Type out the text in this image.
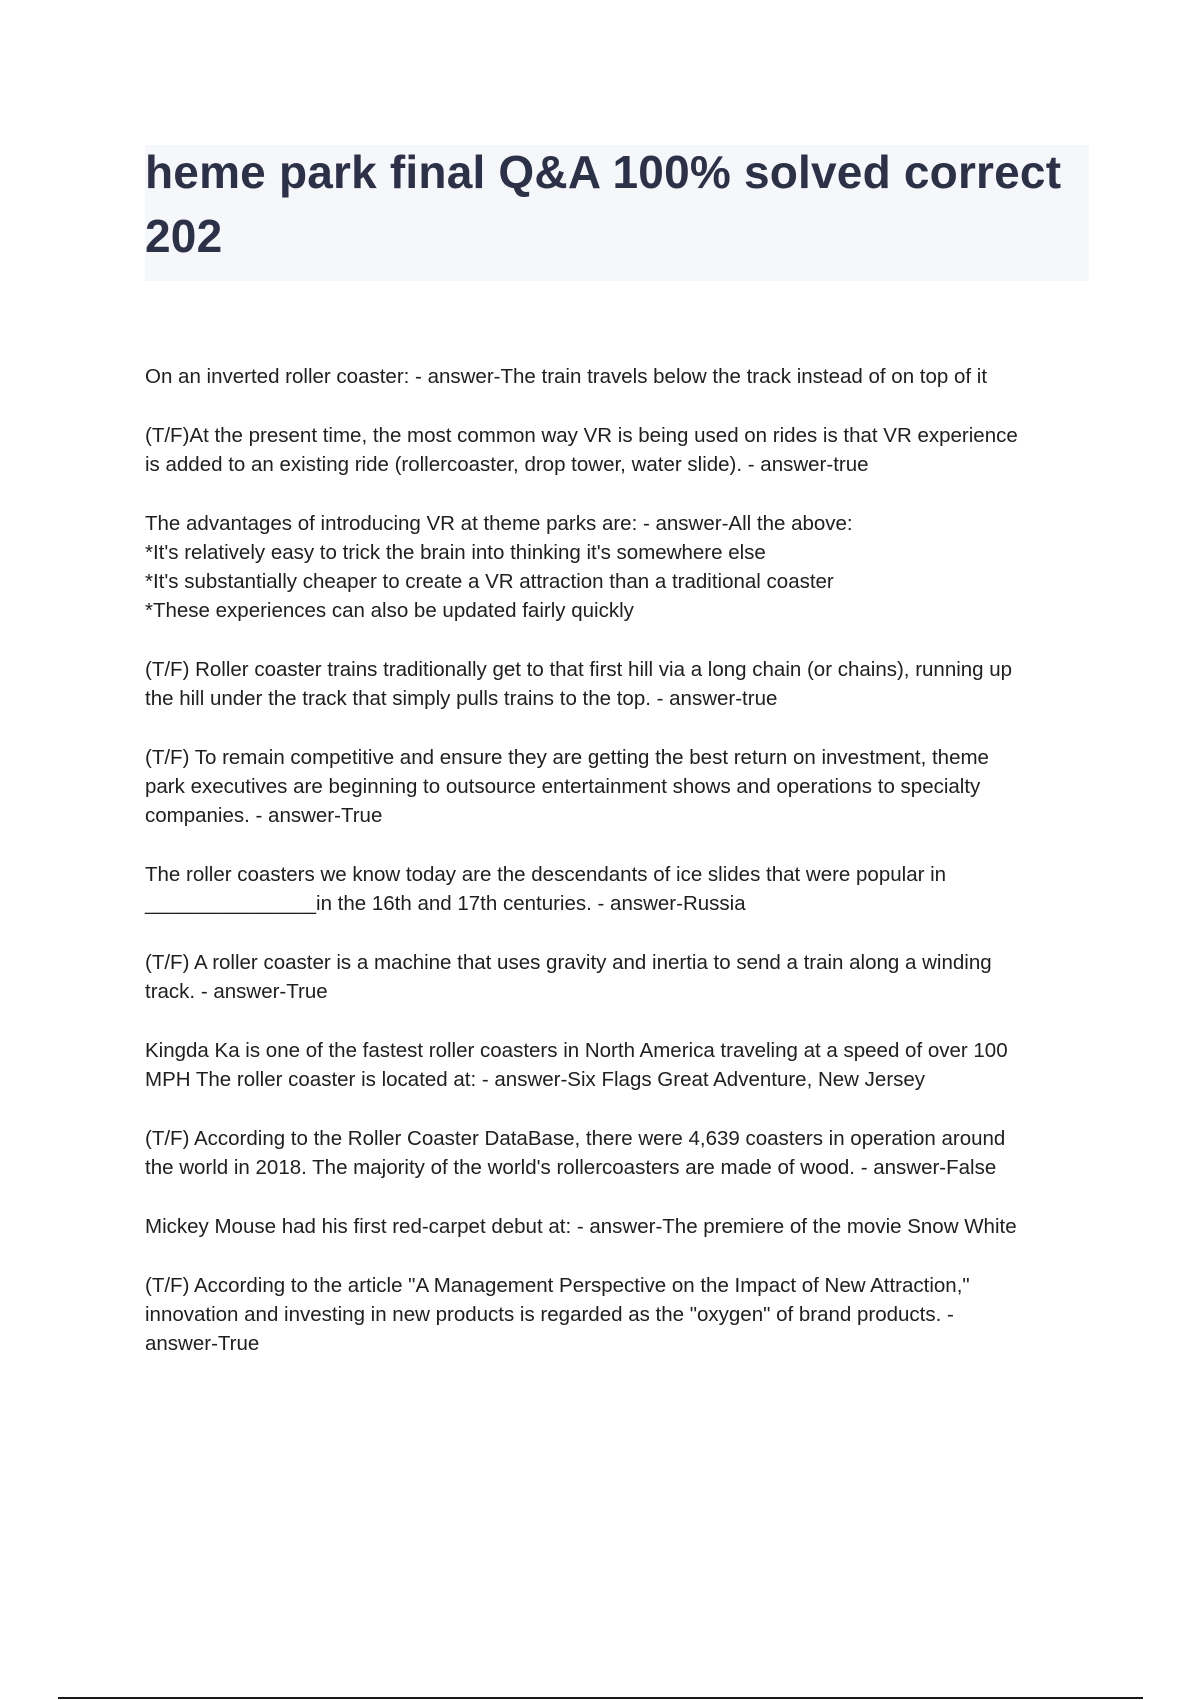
heme park final Q&A 100% solved correct
202
On an inverted roller coaster: - answer-The train travels below the track instead of on top of it
(T/F)At the present time, the most common way VR is being used on rides is that VR experience
is added to an existing ride (rollercoaster, drop tower, water slide). - answer-true
The advantages of introducing VR at theme parks are: - answer-All the above:
*It's relatively easy to trick the brain into thinking it's somewhere else
*It's substantially cheaper to create a VR attraction than a traditional coaster
*These experiences can also be updated fairly quickly
(T/F) Roller coaster trains traditionally get to that first hill via a long chain (or chains), running up
the hill under the track that simply pulls trains to the top. - answer-true
(T/F) To remain competitive and ensure they are getting the best return on investment, theme
park executives are beginning to outsource entertainment shows and operations to specialty
companies. - answer-True
The roller coasters we know today are the descendants of ice slides that were popular in
_______________in the 16th and 17th centuries. - answer-Russia
(T/F) A roller coaster is a machine that uses gravity and inertia to send a train along a winding
track. - answer-True
Kingda Ka is one of the fastest roller coasters in North America traveling at a speed of over 100
MPH The roller coaster is located at: - answer-Six Flags Great Adventure, New Jersey
(T/F) According to the Roller Coaster DataBase, there were 4,639 coasters in operation around
the world in 2018. The majority of the world's rollercoasters are made of wood. - answer-False
Mickey Mouse had his first red-carpet debut at: - answer-The premiere of the movie Snow White
(T/F) According to the article "A Management Perspective on the Impact of New Attraction,"
innovation and investing in new products is regarded as the "oxygen" of brand products. -
answer-True
